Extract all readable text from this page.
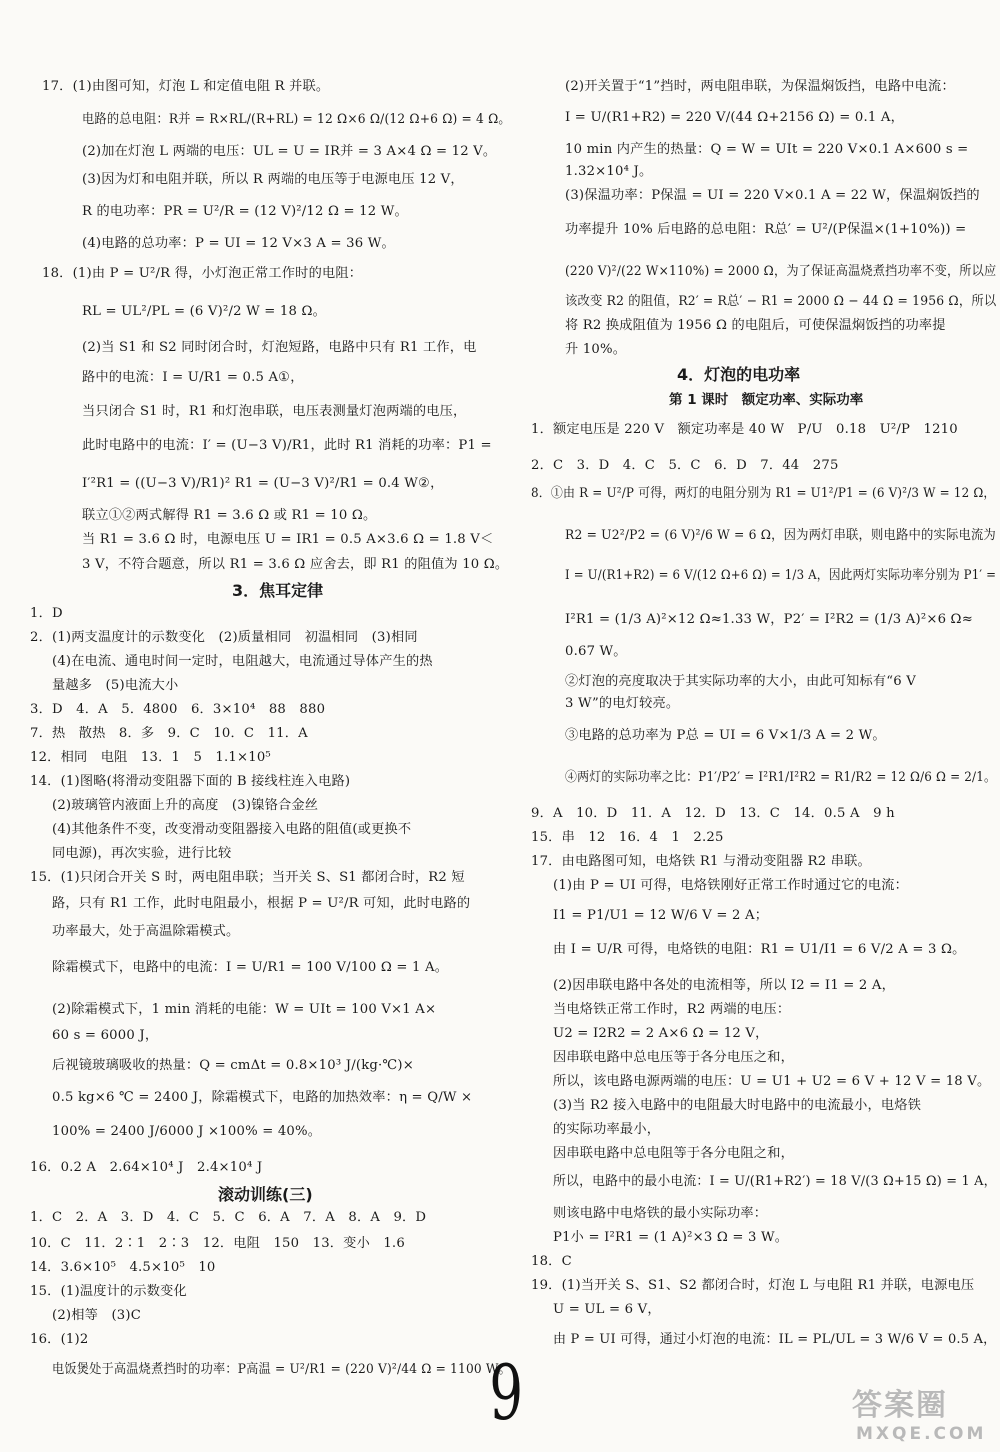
17．(1)由图可知，灯泡 L 和定值电阻 R 并联。
电路的总电阻：R并 = R×RL/(R+RL) = 12 Ω×6 Ω/(12 Ω+6 Ω) = 4 Ω。
(2)加在灯泡 L 两端的电压：UL = U = IR并 = 3 A×4 Ω = 12 V。
(3)因为灯和电阻并联，所以 R 两端的电压等于电源电压 12 V，
R 的电功率：PR = U²/R = (12 V)²/12 Ω = 12 W。
(4)电路的总功率：P = UI = 12 V×3 A = 36 W。
18．(1)由 P = U²/R 得，小灯泡正常工作时的电阻：
RL = UL²/PL = (6 V)²/2 W = 18 Ω。
(2)当 S1 和 S2 同时闭合时，灯泡短路，电路中只有 R1 工作，电
路中的电流：I = U/R1 = 0.5 A①，
当只闭合 S1 时，R1 和灯泡串联，电压表测量灯泡两端的电压，
此时电路中的电流：I′ = (U−3 V)/R1，此时 R1 消耗的功率：P1 =
I′²R1 = ((U−3 V)/R1)² R1 = (U−3 V)²/R1 = 0.4 W②，
联立①②两式解得 R1 = 3.6 Ω 或 R1 = 10 Ω。
当 R1 = 3.6 Ω 时，电源电压 U = IR1 = 0.5 A×3.6 Ω = 1.8 V＜
3 V，不符合题意，所以 R1 = 3.6 Ω 应舍去，即 R1 的阻值为 10 Ω。
3．焦耳定律
1．D
2．(1)两支温度计的示数变化　(2)质量相同　初温相同　(3)相同
(4)在电流、通电时间一定时，电阻越大，电流通过导体产生的热
量越多　(5)电流大小
3．D　4．A　5．4800　6．3×10⁴　88　880
7．热　散热　8．多　9．C　10．C　11．A
12．相同　电阻　13．1　5　1.1×10⁵
14．(1)图略(将滑动变阻器下面的 B 接线柱连入电路)
(2)玻璃管内液面上升的高度　(3)镍铬合金丝
(4)其他条件不变，改变滑动变阻器接入电路的阻值(或更换不
同电源)，再次实验，进行比较
15．(1)只闭合开关 S 时，两电阻串联；当开关 S、S1 都闭合时，R2 短
路，只有 R1 工作，此时电阻最小，根据 P = U²/R 可知，此时电路的
功率最大，处于高温除霜模式。
除霜模式下，电路中的电流：I = U/R1 = 100 V/100 Ω = 1 A。
(2)除霜模式下，1 min 消耗的电能：W = UIt = 100 V×1 A×
60 s = 6000 J，
后视镜玻璃吸收的热量：Q = cmΔt = 0.8×10³ J/(kg·℃)×
0.5 kg×6 ℃ = 2400 J，除霜模式下，电路的加热效率：η = Q/W ×
100% = 2400 J/6000 J ×100% = 40%。
16．0.2 A　2.64×10⁴ J　2.4×10⁴ J
滚动训练(三)
1．C　2．A　3．D　4．C　5．C　6．A　7．A　8．A　9．D
10．C　11．2∶1　2∶3　12．电阻　150　13．变小　1.6
14．3.6×10⁵　4.5×10⁵　10
15．(1)温度计的示数变化
(2)相等　(3)C
16．(1)2
电饭煲处于高温烧煮挡时的功率：P高温 = U²/R1 = (220 V)²/44 Ω = 1100 W。
(2)开关置于“1”挡时，两电阻串联，为保温焖饭挡，电路中电流：
I = U/(R1+R2) = 220 V/(44 Ω+2156 Ω) = 0.1 A，
10 min 内产生的热量：Q = W = UIt = 220 V×0.1 A×600 s =
1.32×10⁴ J。
(3)保温功率：P保温 = UI = 220 V×0.1 A = 22 W，保温焖饭挡的
功率提升 10% 后电路的总电阻：R总′ = U²/(P保温×(1+10%)) =
(220 V)²/(22 W×110%) = 2000 Ω，为了保证高温烧煮挡功率不变，所以应
该改变 R2 的阻值，R2′ = R总′ − R1 = 2000 Ω − 44 Ω = 1956 Ω，所以
将 R2 换成阻值为 1956 Ω 的电阻后，可使保温焖饭挡的功率提
升 10%。
4．灯泡的电功率
第 1 课时　额定功率、实际功率
1．额定电压是 220 V　额定功率是 40 W　P/U　0.18　U²/P　1210
2．C　3．D　4．C　5．C　6．D　7．44　275
8．①由 R = U²/P 可得，两灯的电阻分别为 R1 = U1²/P1 = (6 V)²/3 W = 12 Ω，
R2 = U2²/P2 = (6 V)²/6 W = 6 Ω，因为两灯串联，则电路中的实际电流为
I = U/(R1+R2) = 6 V/(12 Ω+6 Ω) = 1/3 A，因此两灯实际功率分别为 P1′ =
I²R1 = (1/3 A)²×12 Ω≈1.33 W，P2′ = I²R2 = (1/3 A)²×6 Ω≈
0.67 W。
②灯泡的亮度取决于其实际功率的大小，由此可知标有“6 V
3 W”的电灯较亮。
③电路的总功率为 P总 = UI = 6 V×1/3 A = 2 W。
④两灯的实际功率之比：P1′/P2′ = I²R1/I²R2 = R1/R2 = 12 Ω/6 Ω = 2/1。
9．A　10．D　11．A　12．D　13．C　14．0.5 A　9 h
15．串　12　16．4　1　2.25
17．由电路图可知，电烙铁 R1 与滑动变阻器 R2 串联。
(1)由 P = UI 可得，电烙铁刚好正常工作时通过它的电流：
I1 = P1/U1 = 12 W/6 V = 2 A；
由 I = U/R 可得，电烙铁的电阻：R1 = U1/I1 = 6 V/2 A = 3 Ω。
(2)因串联电路中各处的电流相等，所以 I2 = I1 = 2 A，
当电烙铁正常工作时，R2 两端的电压：
U2 = I2R2 = 2 A×6 Ω = 12 V，
因串联电路中总电压等于各分电压之和，
所以，该电路电源两端的电压：U = U1 + U2 = 6 V + 12 V = 18 V。
(3)当 R2 接入电路中的电阻最大时电路中的电流最小，电烙铁
的实际功率最小，
因串联电路中总电阻等于各分电阻之和，
所以，电路中的最小电流：I = U/(R1+R2′) = 18 V/(3 Ω+15 Ω) = 1 A，
则该电路中电烙铁的最小实际功率：
P1小 = I²R1 = (1 A)²×3 Ω = 3 W。
18．C
19．(1)当开关 S、S1、S2 都闭合时，灯泡 L 与电阻 R1 并联，电源电压
U = UL = 6 V，
由 P = UI 可得，通过小灯泡的电流：IL = PL/UL = 3 W/6 V = 0.5 A，
9	答案圈
MXQE.COM
